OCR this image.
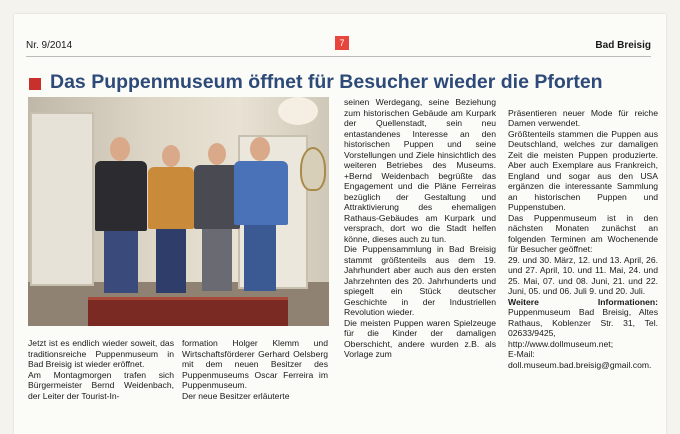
Nr. 9/2014	7	Bad Breisig
Das Puppenmuseum öffnet für Besucher wieder die Pforten
Jetzt ist es endlich wieder soweit, das traditionsreiche Puppenmuseum in Bad Breisig ist wieder eröffnet.
Am Montagmorgen trafen sich Bürgermeister Bernd Weidenbach, der Leiter der Tourist-In-
formation Holger Klemm und Wirtschaftsförderer Gerhard Oelsberg mit dem neuen Besitzer des Puppenmuseums Oscar Ferreira im Puppenmuseum.
Der neue Besitzer erläuterte
seinen Werdegang, seine Beziehung zum historischen Gebäude am Kurpark der Quellenstadt, sein neu entastandenes Interesse an den historischen Puppen und seine Vorstellungen und Ziele hinsichtlich des weiteren Betriebes des Museums. +Bernd Weidenbach begrüßte das Engagement und die Pläne Ferreiras bezüglich der Gestaltung und Attraktivierung des ehemaligen Rathaus-Gebäudes am Kurpark und versprach, dort wo die Stadt helfen könne, dieses auch zu tun.
Die Puppensammlung in Bad Breisig stammt größtenteils aus dem 19. Jahrhundert aber auch aus den ersten Jahrzehnten des 20. Jahrhunderts und spiegelt ein Stück deutscher Geschichte in der Industriellen Revolution wieder.
Die meisten Puppen waren Spielzeuge für die Kinder der damaligen Oberschicht, andere wurden z.B. als Vorlage zum

Präsentieren neuer Mode für reiche Damen verwendet.
Größtenteils stammen die Puppen aus Deutschland, welches zur damaligen Zeit die meisten Puppen produzierte. Aber auch Exemplare aus Frankreich, England und sogar aus den USA ergänzen die interessante Sammlung an historischen Puppen und Puppenstuben.
Das Puppenmuseum ist in den nächsten Monaten zunächst an folgenden Terminen am Wochenende für Besucher geöffnet:
29. und 30. März, 12. und 13. April, 26. und 27. April, 10. und 11. Mai, 24. und 25. Mai, 07. und 08. Juni, 21. und 22. Juni, 05. und 06. Juli 9. und 20. Juli.
Weitere Informationen: Puppenmuseum Bad Breisig, Altes Rathaus, Koblenzer Str. 31, Tel. 02633/9425,
http://www.dollmuseum.net;
E-Mail: doll.museum.bad.breisig@gmail.com.
